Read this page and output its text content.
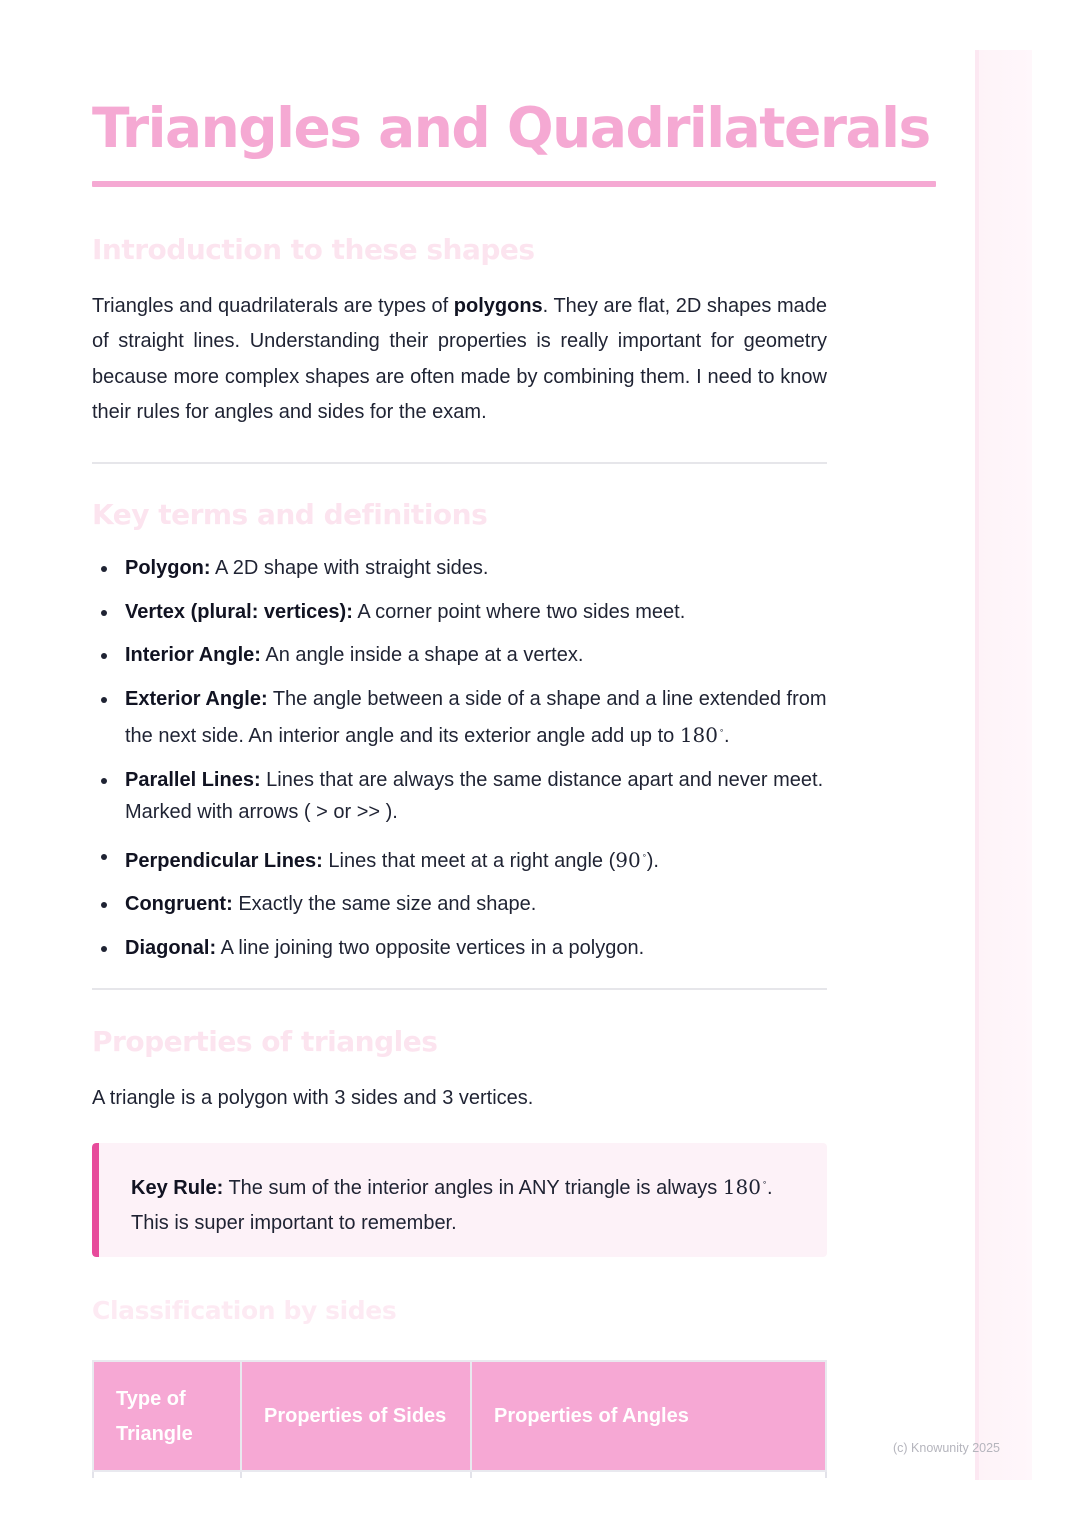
Triangles and Quadrilaterals
Introduction to these shapes

Triangles and quadrilaterals are types of polygons. They are flat, 2D shapes made of straight lines. Understanding their properties is really important for geometry because more complex shapes are often made by combining them. I need to know their rules for angles and sides for the exam.

Key terms and definitions
Polygon: A 2D shape with straight sides.
Vertex (plural: vertices): A corner point where two sides meet.
Interior Angle: An angle inside a shape at a vertex.
Exterior Angle: The angle between a side of a shape and a line extended from the next side. An interior angle and its exterior angle add up to 180∘.
Parallel Lines: Lines that are always the same distance apart and never meet. Marked with arrows ( > or >> ).
Perpendicular Lines: Lines that meet at a right angle (90∘).
Congruent: Exactly the same size and shape.
Diagonal: A line joining two opposite vertices in a polygon.
Properties of triangles

A triangle is a polygon with 3 sides and 3 vertices.

Key Rule: The sum of the interior angles in ANY triangle is always 180∘. This is super important to remember.

Classification by sides
Type of Triangle	Properties of Sides	Properties of Angles

(c) Knowunity 2025
